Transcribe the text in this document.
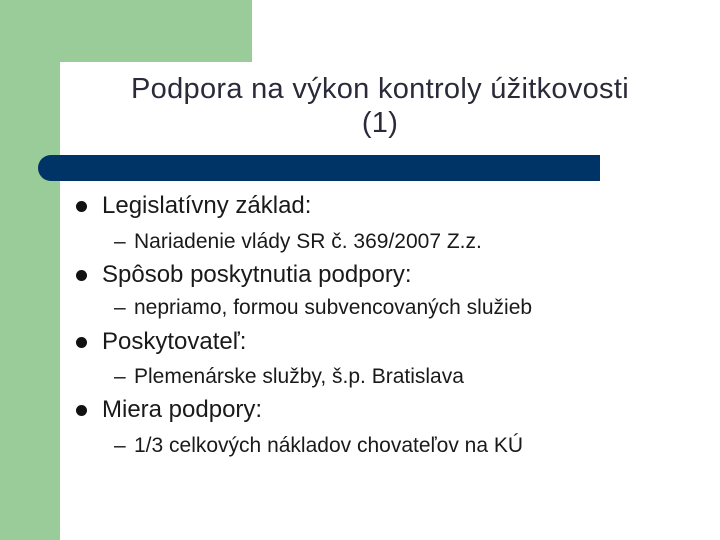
Podpora na výkon kontroly úžitkovosti
(1)
Legislatívny základ:
– Nariadenie vlády SR č. 369/2007 Z.z.
Spôsob poskytnutia podpory:
– nepriamo, formou subvencovaných služieb
Poskytovateľ:
– Plemenárske služby, š.p. Bratislava
Miera podpory:
– 1/3 celkových nákladov chovateľov na KÚ
